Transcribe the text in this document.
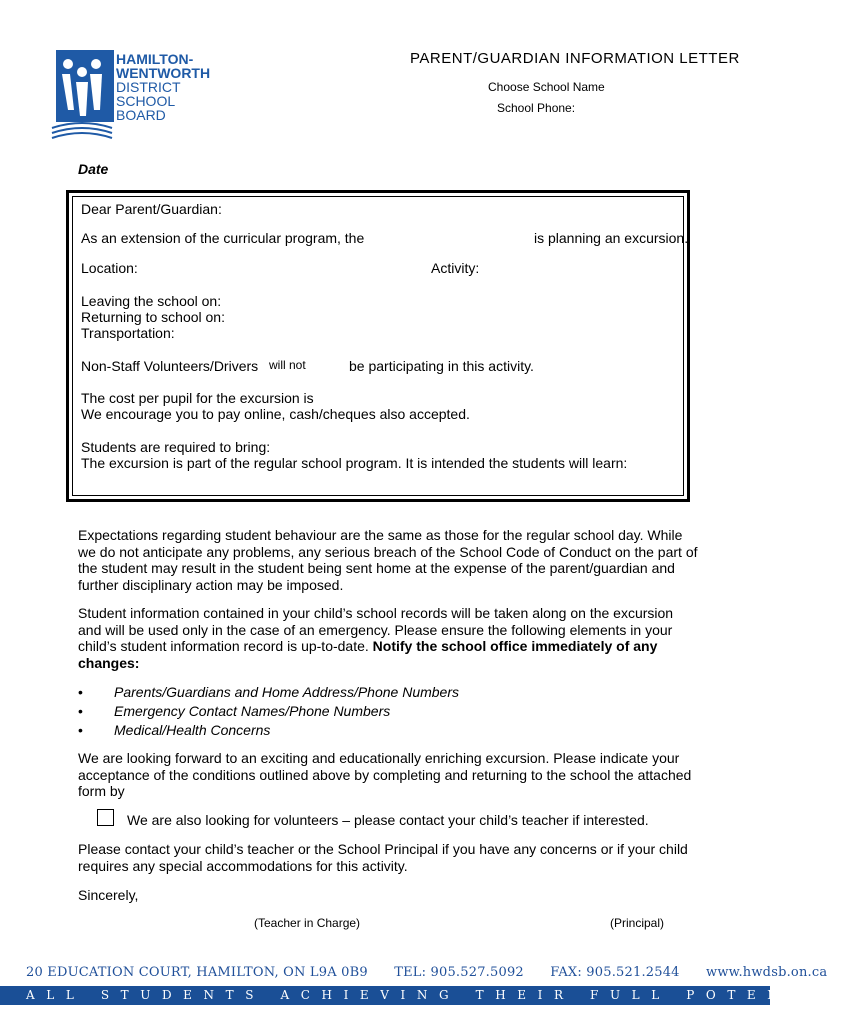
HAMILTON-
WENTWORTH
DISTRICT
SCHOOL
BOARD
PARENT/GUARDIAN INFORMATION LETTER
Choose School Name
School Phone:
Date
Dear Parent/Guardian:
As an extension of the curricular program, the	is planning an excursion.
Location:	Activity:
Leaving the school on:
Returning to school on:
Transportation:
Non-Staff Volunteers/Drivers will not	be participating in this activity.
The cost per pupil for the excursion is
We encourage you to pay online, cash/cheques also accepted.
Students are required to bring:
The excursion is part of the regular school program. It is intended the students will learn:
Expectations regarding student behaviour are the same as those for the regular school day. While we do not anticipate any problems, any serious breach of the School Code of Conduct on the part of the student may result in the student being sent home at the expense of the parent/guardian and further disciplinary action may be imposed.
Student information contained in your child’s school records will be taken along on the excursion and will be used only in the case of an emergency. Please ensure the following elements in your child’s student information record is up-to-date. Notify the school office immediately of any changes:
• Parents/Guardians and Home Address/Phone Numbers
• Emergency Contact Names/Phone Numbers
• Medical/Health Concerns
We are looking forward to an exciting and educationally enriching excursion. Please indicate your acceptance of the conditions outlined above by completing and returning to the school the attached form by
We are also looking for volunteers – please contact your child’s teacher if interested.
Please contact your child’s teacher or the School Principal if you have any concerns or if your child requires any special accommodations for this activity.
Sincerely,
(Teacher in Charge)	(Principal)
20 EDUCATION COURT, HAMILTON, ON L9A 0B9 TEL: 905.527.5092 FAX: 905.521.2544 www.hwdsb.on.ca
ALL STUDENTS ACHIEVING THEIR FULL POTENTIAL
